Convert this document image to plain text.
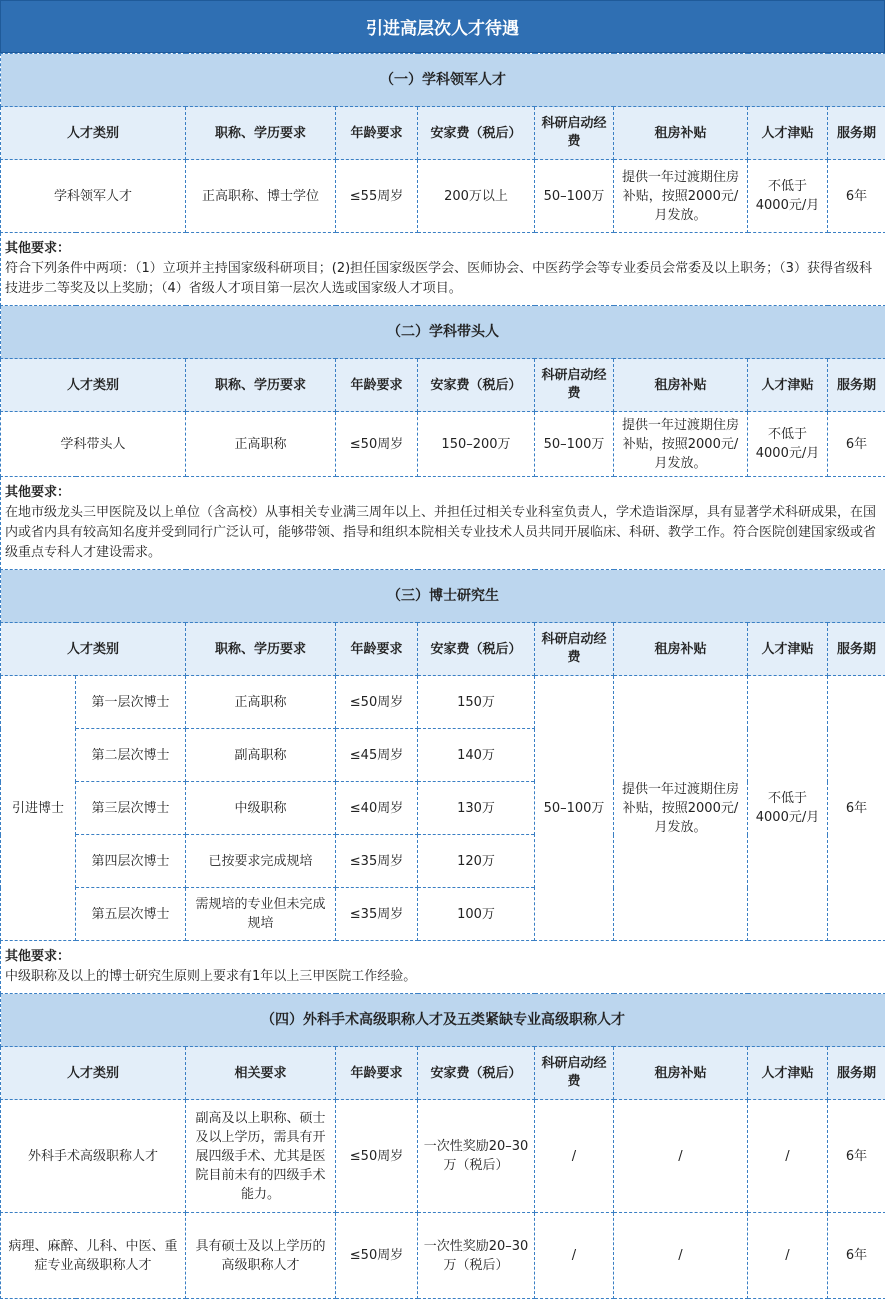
引进高层次人才待遇
（一）学科领军人才								
人才类别		职称、学历要求	年龄要求	安家费（税后）	科研启动经费	租房补贴	人才津贴	服务期
学科领军人才		正高职称、博士学位	≤55周岁	200万以上	50–100万	提供一年过渡期住房补贴，按照2000元/月发放。	不低于4000元/月	6年

其他要求：
符合下列条件中两项：（1）立项并主持国家级科研项目；(2)担任国家级医学会、医师协会、中医药学会等专业委员会常委及以上职务；（3）获得省级科技进步二等奖及以上奖励；（4）省级人才项目第一层次人选或国家级人才项目。								
（二）学科带头人								
人才类别		职称、学历要求	年龄要求	安家费（税后）	科研启动经费	租房补贴	人才津贴	服务期
学科带头人		正高职称	≤50周岁	150–200万	50–100万	提供一年过渡期住房补贴，按照2000元/月发放。	不低于4000元/月	6年

其他要求：
在地市级龙头三甲医院及以上单位（含高校）从事相关专业满三周年以上、并担任过相关专业科室负责人，学术造诣深厚，具有显著学术科研成果，在国内或省内具有较高知名度并受到同行广泛认可，能够带领、指导和组织本院相关专业技术人员共同开展临床、科研、教学工作。符合医院创建国家级或省级重点专科人才建设需求。								
（三）博士研究生								
人才类别		职称、学历要求	年龄要求	安家费（税后）	科研启动经费	租房补贴	人才津贴	服务期
引进博士	第一层次博士	正高职称	≤50周岁	150万	50–100万	提供一年过渡期住房补贴，按照2000元/月发放。	不低于4000元/月	6年
	第二层次博士	副高职称	≤45周岁	140万				
	第三层次博士	中级职称	≤40周岁	130万				
	第四层次博士	已按要求完成规培	≤35周岁	120万				
	第五层次博士	需规培的专业但未完成规培	≤35周岁	100万				

其他要求：
中级职称及以上的博士研究生原则上要求有1年以上三甲医院工作经验。								
（四）外科手术高级职称人才及五类紧缺专业高级职称人才								
人才类别		相关要求	年龄要求	安家费（税后）	科研启动经费	租房补贴	人才津贴	服务期
外科手术高级职称人才		副高及以上职称、硕士及以上学历，需具有开展四级手术、尤其是医院目前未有的四级手术能力。	≤50周岁	一次性奖励20–30万（税后）	/	/	/	6年
病理、麻醉、儿科、中医、重症专业高级职称人才		具有硕士及以上学历的高级职称人才	≤50周岁	一次性奖励20–30万（税后）	/	/	/	6年
